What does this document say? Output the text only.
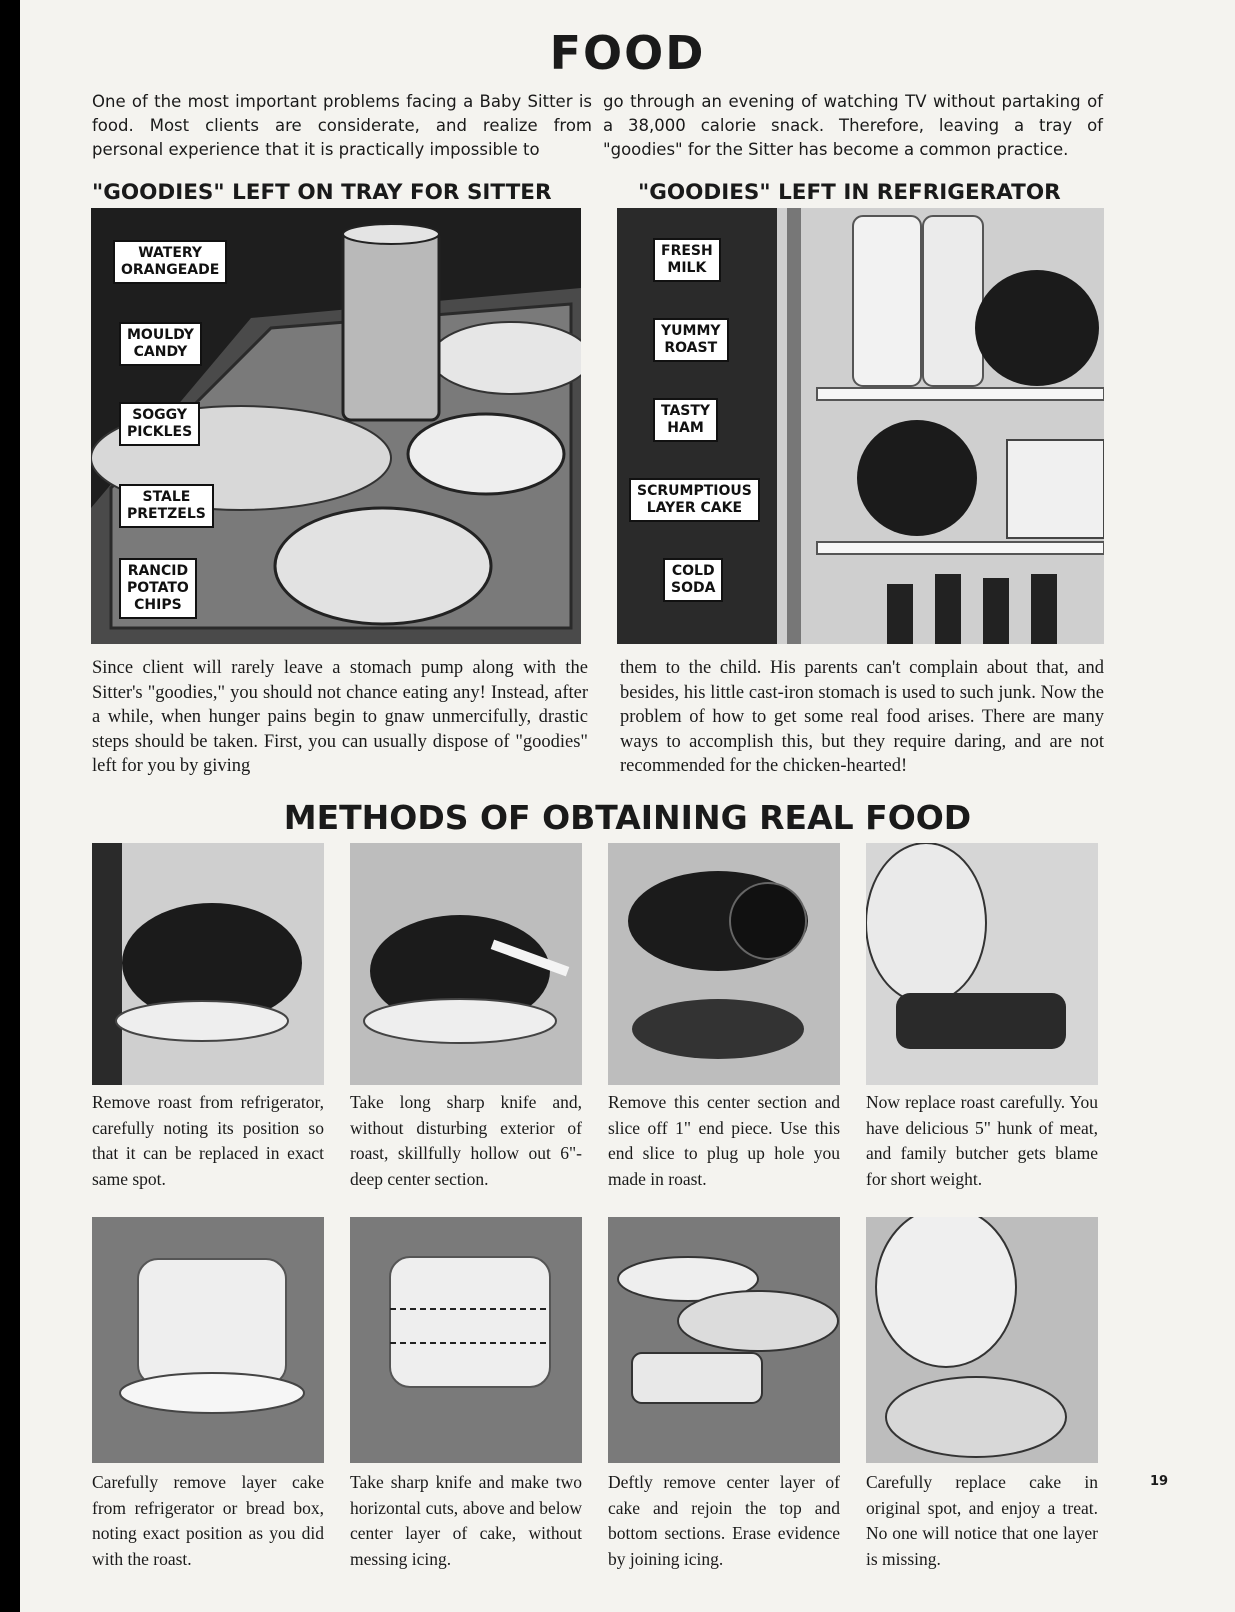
FOOD

One of the most important problems facing a Baby Sitter is food. Most clients are considerate, and realize from personal experience that it is practically impossible to

go through an evening of watching TV without partaking of a 38,000 calorie snack. Therefore, leaving a tray of "goodies" for the Sitter has become a common practice.

"GOODIES" LEFT ON TRAY FOR SITTER
WATERY
ORANGEADE
MOULDY
CANDY
SOGGY
PICKLES
STALE
PRETZELS
RANCID
POTATO
CHIPS
"GOODIES" LEFT IN REFRIGERATOR
FRESH
MILK
YUMMY
ROAST
TASTY
HAM
SCRUMPTIOUS
LAYER CAKE
COLD
SODA

Since client will rarely leave a stomach pump along with the Sitter's "goodies," you should not chance eating any! Instead, after a while, when hunger pains begin to gnaw unmercifully, drastic steps should be taken. First, you can usually dispose of "goodies" left for you by giving

them to the child. His parents can't complain about that, and besides, his little cast-iron stomach is used to such junk. Now the problem of how to get some real food arises. There are many ways to accomplish this, but they require daring, and are not recommended for the chicken-hearted!

METHODS OF OBTAINING REAL FOOD

Remove roast from refrigerator, carefully noting its position so that it can be replaced in exact same spot.

Take long sharp knife and, without disturbing exterior of roast, skillfully hollow out 6"-deep center section.

Remove this center section and slice off 1" end piece. Use this end slice to plug up hole you made in roast.

Now replace roast carefully. You have delicious 5" hunk of meat, and family butcher gets blame for short weight.

Carefully remove layer cake from refrigerator or bread box, noting exact position as you did with the roast.

Take sharp knife and make two horizontal cuts, above and below center layer of cake, without messing icing.

Deftly remove center layer of cake and rejoin the top and bottom sections. Erase evidence by joining icing.

Carefully replace cake in original spot, and enjoy a treat. No one will notice that one layer is missing.

19
